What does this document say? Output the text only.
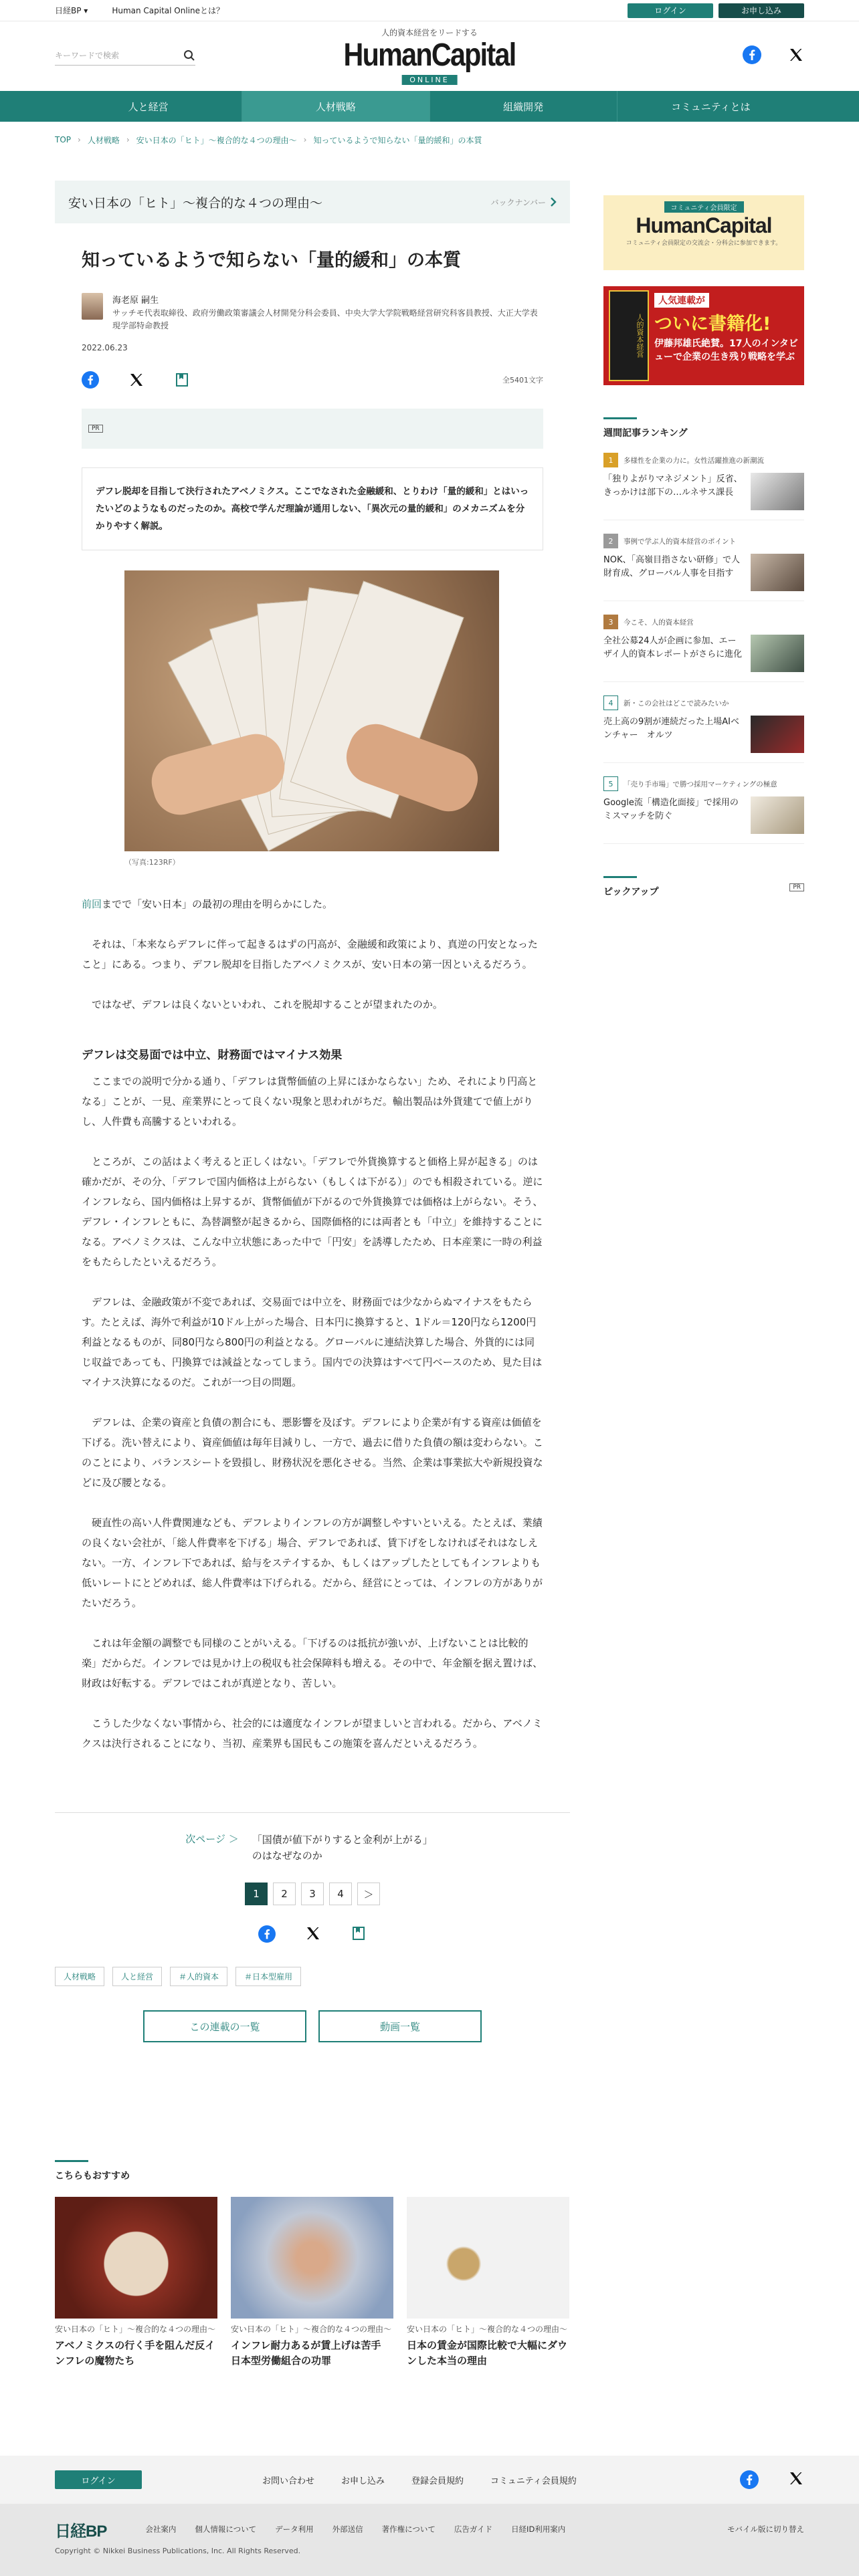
日経BP ▾	Human Capital Onlineとは？	ログイン	お申し込み
キーワードで検索
人的資本経営をリードする
HumanCapital
ONLINE
人と経営	人材戦略	組織開発	コミュニティとは
TOP › 人材戦略 › 安い日本の「ヒト」～複合的な４つの理由～ › 知っているようで知らない「量的緩和」の本質
安い日本の「ヒト」～複合的な４つの理由～	バックナンバー
知っているようで知らない「量的緩和」の本質
海老原 嗣生
サッチモ代表取締役、政府労働政策審議会人材開発分科会委員、中央大学大学院戦略経営研究科客員教授、大正大学表現学部特命教授
2022.06.23
全5401文字
PR
デフレ脱却を目指して決行されたアベノミクス。ここでなされた金融緩和、とりわけ「量的緩和」とはいったいどのようなものだったのか。高校で学んだ理論が通用しない、「異次元の量的緩和」のメカニズムを分かりやすく解説。
（写真:123RF）

前回までで「安い日本」の最初の理由を明らかにした。

それは、「本来ならデフレに伴って起きるはずの円高が、金融緩和政策により、真逆の円安となったこと」にある。つまり、デフレ脱却を目指したアベノミクスが、安い日本の第一因といえるだろう。

ではなぜ、デフレは良くないといわれ、これを脱却することが望まれたのか。

デフレは交易面では中立、財務面ではマイナス効果

ここまでの説明で分かる通り、「デフレは貨幣価値の上昇にほかならない」ため、それにより円高となる」ことが、一見、産業界にとって良くない現象と思われがちだ。輸出製品は外貨建てで値上がりし、人件費も高騰するといわれる。

ところが、この話はよく考えると正しくはない。「デフレで外貨換算すると価格上昇が起きる」のは確かだが、その分、「デフレで国内価格は上がらない（もしくは下がる）」のでも相殺されている。逆にインフレなら、国内価格は上昇するが、貨幣価値が下がるので外貨換算では価格は上がらない。そう、デフレ・インフレともに、為替調整が起きるから、国際価格的には両者とも「中立」を維持することになる。アベノミクスは、こんな中立状態にあった中で「円安」を誘導したため、日本産業に一時の利益をもたらしたといえるだろう。

デフレは、金融政策が不変であれば、交易面では中立を、財務面では少なからぬマイナスをもたらす。たとえば、海外で利益が10ドル上がった場合、日本円に換算すると、1ドル＝120円なら1200円利益となるものが、同80円なら800円の利益となる。グローバルに連結決算した場合、外貨的には同じ収益であっても、円換算では減益となってしまう。国内での決算はすべて円ベースのため、見た目はマイナス決算になるのだ。これが一つ目の問題。

デフレは、企業の資産と負債の割合にも、悪影響を及ぼす。デフレにより企業が有する資産は価値を下げる。洗い替えにより、資産価値は毎年目減りし、一方で、過去に借りた負債の額は変わらない。このことにより、バランスシートを毀損し、財務状況を悪化させる。当然、企業は事業拡大や新規投資などに及び腰となる。

硬直性の高い人件費関連なども、デフレよりインフレの方が調整しやすいといえる。たとえば、業績の良くない会社が、「総人件費率を下げる」場合、デフレであれば、賃下げをしなければそれはなしえない。一方、インフレ下であれば、給与をステイするか、もしくはアップしたとしてもインフレよりも低いレートにとどめれば、総人件費率は下げられる。だから、経営にとっては、インフレの方がありがたいだろう。

これは年金額の調整でも同様のことがいえる。「下げるのは抵抗が強いが、上げないことは比較的楽」だからだ。インフレでは見かけ上の税収も社会保障料も増える。その中で、年金額を据え置けば、財政は好転する。デフレではこれが真逆となり、苦しい。

こうした少なくない事情から、社会的には適度なインフレが望ましいと言われる。だから、アベノミクスは決行されることになり、当初、産業界も国民もこの施策を喜んだといえるだろう。

次ページ ＞ 「国債が値下がりすると金利が上がる」のはなぜなのか
1	2	3	4	＞
人材戦略	人と経営	＃人的資本	＃日本型雇用
この連載の一覧	動画一覧
コミュニティ会員限定
HumanCapital
コミュニティ会員限定の交流会・分科会に参加できます。
人的資本経営
人気連載が
ついに書籍化!
伊藤邦雄氏絶賛。17人のインタビューで企業の生き残り戦略を学ぶ
週間記事ランキング
1	多様性を企業の力に。女性活躍推進の新潮流
「独りよがりマネジメント」反省、きっかけは部下の…ルネサス課長
2	事例で学ぶ人的資本経営のポイント
NOK、「高嶺目指さない研修」で人財育成、グローバル人事を目指す
3	今こそ、人的資本経営
全社公募24人が企画に参加、エーザイ人的資本レポートがさらに進化
4	新・この会社はどこで読みたいか
売上高の9割が連続だった上場AIベンチャー　オルツ
5	「売り手市場」で勝つ採用マーケティングの極意
Google流「構造化面接」で採用のミスマッチを防ぐ
ピックアップ	PR
こちらもおすすめ
安い日本の「ヒト」～複合的な４つの理由～
アベノミクスの行く手を阻んだ反インフレの魔物たち
安い日本の「ヒト」～複合的な４つの理由～
インフレ耐力あるが賃上げは苦手　日本型労働組合の功罪
安い日本の「ヒト」～複合的な４つの理由～
日本の賃金が国際比較で大幅にダウンした本当の理由
ログイン	お問い合わせ	お申し込み	登録会員規約	コミュニティ会員規約
日経BP	会社案内 個人情報について データ利用 外部送信 著作権について 広告ガイド 日経ID利用案内	モバイル版に切り替え
Copyright © Nikkei Business Publications, Inc. All Rights Reserved.
